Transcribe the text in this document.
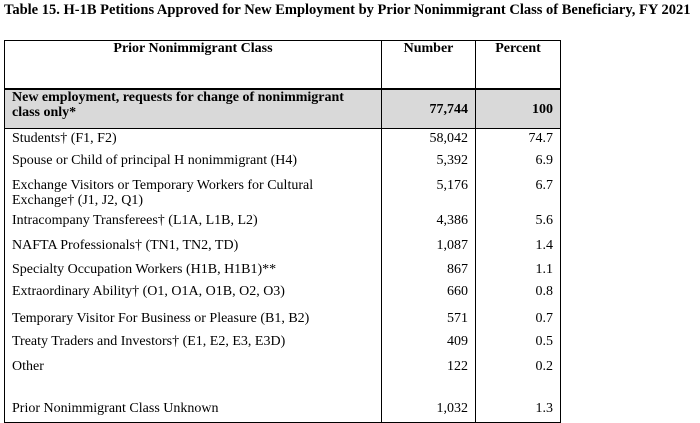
Table 15. H-1B Petitions Approved for New Employment by Prior Nonimmigrant Class of Beneficiary, FY 2021
Prior Nonimmigrant Class	Number	Percent
New employment, requests for change of nonimmigrant class only*	77,744	100
Students† (F1, F2)	58,042	74.7
Spouse or Child of principal H nonimmigrant (H4)	5,392	6.9
Exchange Visitors or Temporary Workers for Cultural Exchange† (J1, J2, Q1)	5,176	6.7
Intracompany Transferees† (L1A, L1B, L2)	4,386	5.6
NAFTA Professionals† (TN1, TN2, TD)	1,087	1.4
Specialty Occupation Workers (H1B, H1B1)**	867	1.1
Extraordinary Ability† (O1, O1A, O1B, O2, O3)	660	0.8
Temporary Visitor For Business or Pleasure (B1, B2)	571	0.7
Treaty Traders and Investors† (E1, E2, E3, E3D)	409	0.5
Other	122	0.2
Prior Nonimmigrant Class Unknown	1,032	1.3
